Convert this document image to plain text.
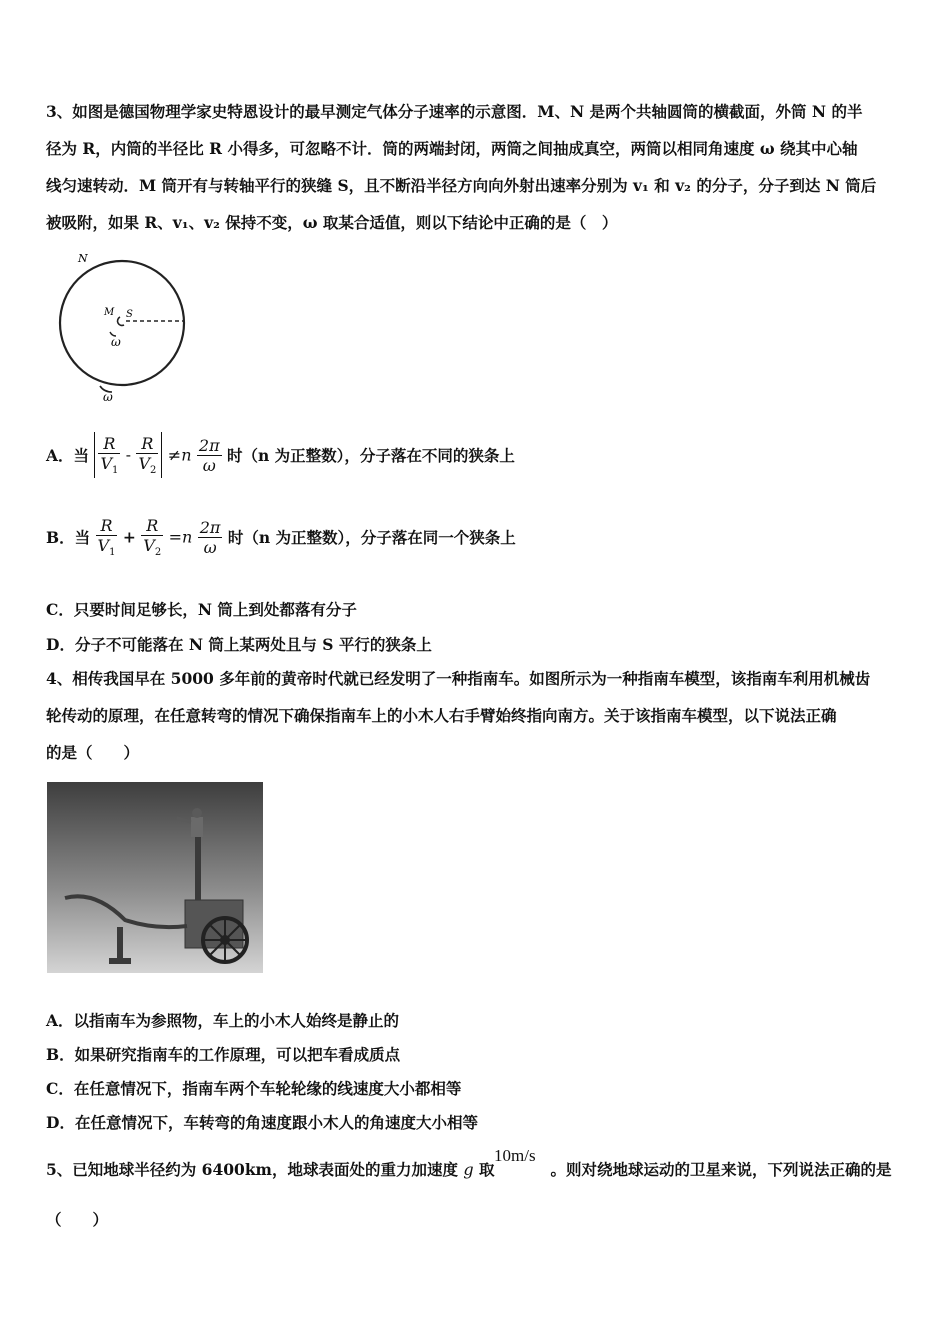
3、如图是德国物理学家史特恩设计的最早测定气体分子速率的示意图．M、N 是两个共轴圆筒的横截面，外筒 N 的半
径为 R，内筒的半径比 R 小得多，可忽略不计．筒的两端封闭，两筒之间抽成真空，两筒以相同角速度 ω 绕其中心轴
线匀速转动．M 筒开有与转轴平行的狭缝 S，且不断沿半径方向向外射出速率分别为 v₁ 和 v₂ 的分子，分子到达 N 筒后
被吸附，如果 R、v₁、v₂ 保持不变，ω 取某合适值，则以下结论中正确的是（　）
N
M S
ω
ω
A．当 $\frac{R}{V_1} - \frac{R}{V_2} \ne n \frac{2\pi}{\omega}$ 时（n 为正整数），分子落在不同的狭条上
B．当 $\frac{R}{V_1} + \frac{R}{V_2} =n \frac{2\pi}{\omega}$ 时（n 为正整数），分子落在同一个狭条上
C．只要时间足够长，N 筒上到处都落有分子
D．分子不可能落在 N 筒上某两处且与 S 平行的狭条上
4、相传我国早在 5000 多年前的黄帝时代就已经发明了一种指南车。如图所示为一种指南车模型，该指南车利用机械齿
轮传动的原理，在任意转弯的情况下确保指南车上的小木人右手臂始终指向南方。关于该指南车模型，以下说法正确
的是（　　）
A．以指南车为参照物，车上的小木人始终是静止的
B．如果研究指南车的工作原理，可以把车看成质点
C．在任意情况下，指南车两个车轮轮缘的线速度大小都相等
D．在任意情况下，车转弯的角速度跟小木人的角速度大小相等
5、已知地球半径约为 6400km，地球表面处的重力加速度 g 取	。则对绕地球运动的卫星来说，下列说法正确的是
10m/s
（　　）
